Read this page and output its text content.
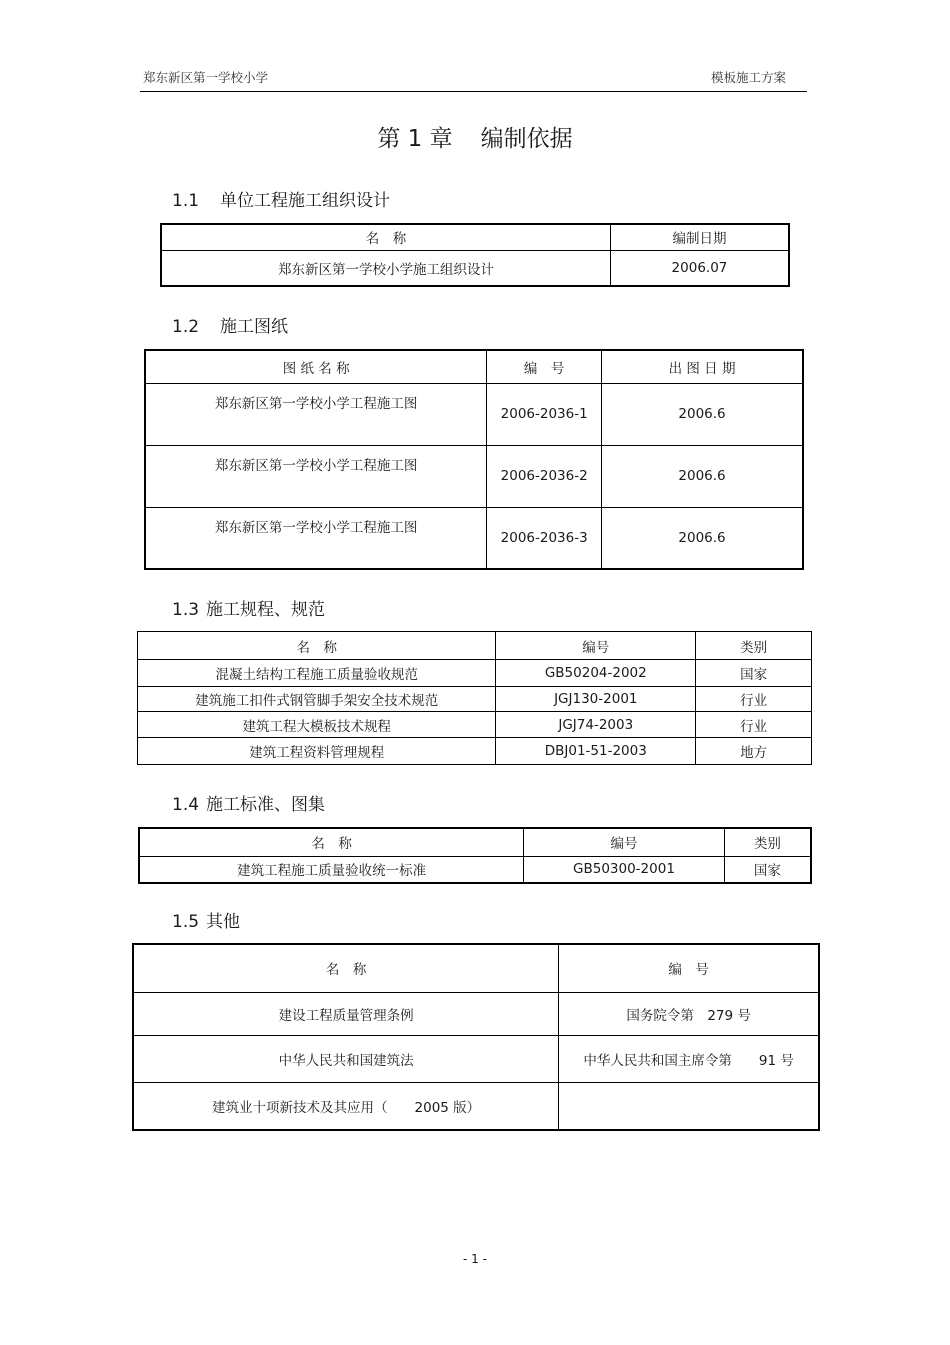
郑东新区第一学校小学	模板施工方案
第 1 章 编制依据
1.1 单位工程施工组织设计
名　称	编制日期
郑东新区第一学校小学施工组织设计	2006.07
1.2 施工图纸
图 纸 名 称	编　号	出 图 日 期
郑东新区第一学校小学工程施工图	2006-2036-1	2006.6
郑东新区第一学校小学工程施工图	2006-2036-2	2006.6
郑东新区第一学校小学工程施工图	2006-2036-3	2006.6
1.3 施工规程、规范
名　称	编号	类别
混凝土结构工程施工质量验收规范	GB50204-2002	国家
建筑施工扣件式钢管脚手架安全技术规范	JGJ130-2001	行业
建筑工程大模板技术规程	JGJ74-2003	行业
建筑工程资料管理规程	DBJ01-51-2003	地方
1.4 施工标准、图集
名　称	编号	类别
建筑工程施工质量验收统一标准	GB50300-2001	国家
1.5 其他
名　称	编　号
建设工程质量管理条例	国务院令第　279 号
中华人民共和国建筑法	中华人民共和国主席令第　　91 号
建筑业十项新技术及其应用（　　2005 版）	
- 1 -
